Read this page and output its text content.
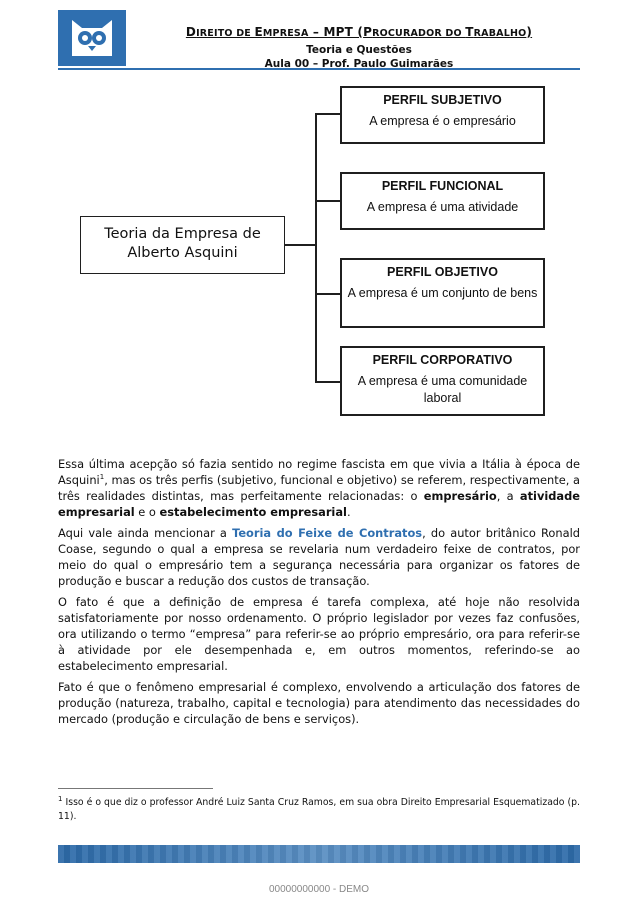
DIREITO DE EMPRESA – MPT (PROCURADOR DO TRABALHO)
Teoria e Questões
Aula 00 – Prof. Paulo Guimarães
Teoria da Empresa de Alberto Asquini
PERFIL SUBJETIVO
A empresa é o empresário
PERFIL FUNCIONAL
A empresa é uma atividade
PERFIL OBJETIVO
A empresa é um conjunto de bens
PERFIL CORPORATIVO
A empresa é uma comunidade laboral

Essa última acepção só fazia sentido no regime fascista em que vivia a Itália à época de Asquini$^1$, mas os três perfis (subjetivo, funcional e objetivo) se referem, respectivamente, a três realidades distintas, mas perfeitamente relacionadas: o empresário, a atividade empresarial e o estabelecimento empresarial.

Aqui vale ainda mencionar a Teoria do Feixe de Contratos, do autor britânico Ronald Coase, segundo o qual a empresa se revelaria num verdadeiro feixe de contratos, por meio do qual o empresário tem a segurança necessária para organizar os fatores de produção e buscar a redução dos custos de transação.

O fato é que a definição de empresa é tarefa complexa, até hoje não resolvida satisfatoriamente por nosso ordenamento. O próprio legislador por vezes faz confusões, ora utilizando o termo “empresa” para referir-se ao próprio empresário, ora para referir-se à atividade por ele desempenhada e, em outros momentos, referindo-se ao estabelecimento empresarial.

Fato é que o fenômeno empresarial é complexo, envolvendo a articulação dos fatores de produção (natureza, trabalho, capital e tecnologia) para atendimento das necessidades do mercado (produção e circulação de bens e serviços).

$^1$ Isso é o que diz o professor André Luiz Santa Cruz Ramos, em sua obra Direito Empresarial Esquematizado (p. 11).
00000000000 - DEMO
